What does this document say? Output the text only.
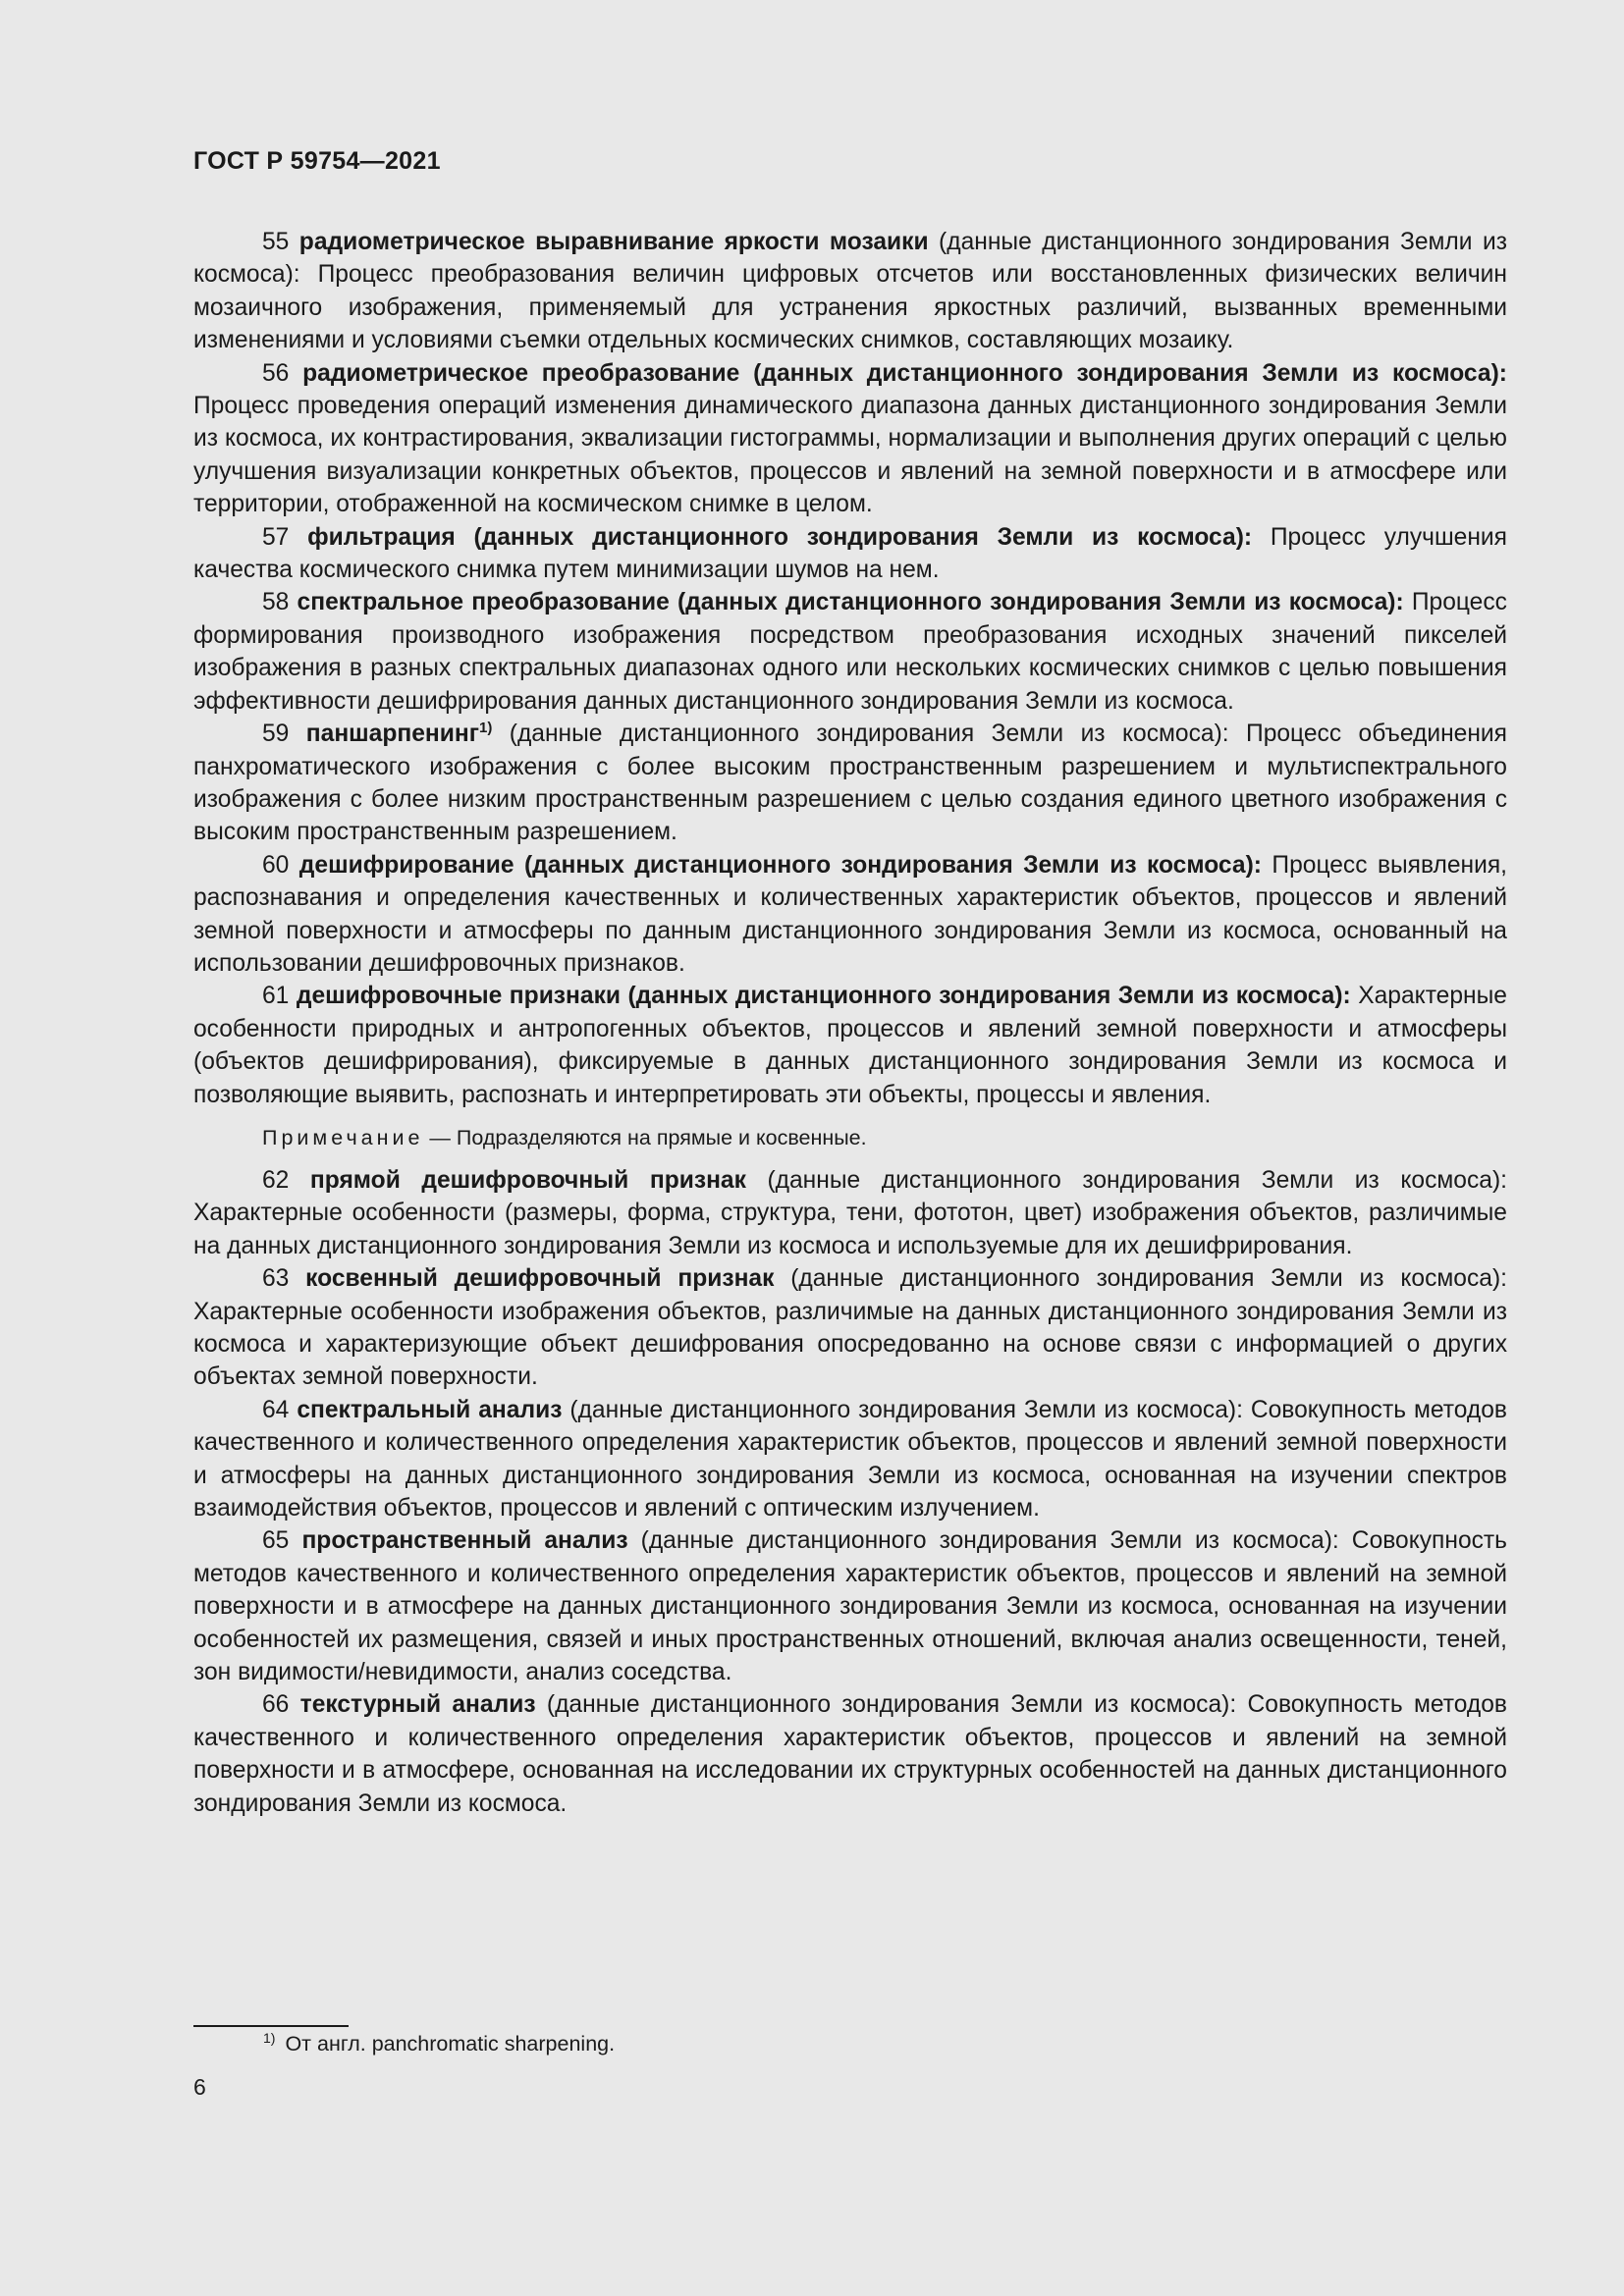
ГОСТ Р 59754—2021

55 радиометрическое выравнивание яркости мозаики (данные дистанционного зондирования Земли из космоса): Процесс преобразования величин цифровых отсчетов или восстановленных физических величин мозаичного изображения, применяемый для устранения яркостных различий, вызванных временными изменениями и условиями съемки отдельных космических снимков, составляющих мозаику.

56 радиометрическое преобразование (данных дистанционного зондирования Земли из космоса): Процесс проведения операций изменения динамического диапазона данных дистанционного зондирования Земли из космоса, их контрастирования, эквализации гистограммы, нормализации и выполнения других операций с целью улучшения визуализации конкретных объектов, процессов и явлений на земной поверхности и в атмосфере или территории, отображенной на космическом снимке в целом.

57 фильтрация (данных дистанционного зондирования Земли из космоса): Процесс улучшения качества космического снимка путем минимизации шумов на нем.

58 спектральное преобразование (данных дистанционного зондирования Земли из космоса): Процесс формирования производного изображения посредством преобразования исходных значений пикселей изображения в разных спектральных диапазонах одного или нескольких космических снимков с целью повышения эффективности дешифрирования данных дистанционного зондирования Земли из космоса.

59 паншарпенинг$^{1)}$ (данные дистанционного зондирования Земли из космоса): Процесс объединения панхроматического изображения с более высоким пространственным разрешением и мультиспектрального изображения с более низким пространственным разрешением с целью создания единого цветного изображения с высоким пространственным разрешением.

60 дешифрирование (данных дистанционного зондирования Земли из космоса): Процесс выявления, распознавания и определения качественных и количественных характеристик объектов, процессов и явлений земной поверхности и атмосферы по данным дистанционного зондирования Земли из космоса, основанный на использовании дешифровочных признаков.

61 дешифровочные признаки (данных дистанционного зондирования Земли из космоса): Характерные особенности природных и антропогенных объектов, процессов и явлений земной поверхности и атмосферы (объектов дешифрирования), фиксируемые в данных дистанционного зондирования Земли из космоса и позволяющие выявить, распознать и интерпретировать эти объекты, процессы и явления.

Примечание — Подразделяются на прямые и косвенные.

62 прямой дешифровочный признак (данные дистанционного зондирования Земли из космоса): Характерные особенности (размеры, форма, структура, тени, фототон, цвет) изображения объектов, различимые на данных дистанционного зондирования Земли из космоса и используемые для их дешифрирования.

63 косвенный дешифровочный признак (данные дистанционного зондирования Земли из космоса): Характерные особенности изображения объектов, различимые на данных дистанционного зондирования Земли из космоса и характеризующие объект дешифрования опосредованно на основе связи с информацией о других объектах земной поверхности.

64 спектральный анализ (данные дистанционного зондирования Земли из космоса): Совокупность методов качественного и количественного определения характеристик объектов, процессов и явлений земной поверхности и атмосферы на данных дистанционного зондирования Земли из космоса, основанная на изучении спектров взаимодействия объектов, процессов и явлений с оптическим излучением.

65 пространственный анализ (данные дистанционного зондирования Земли из космоса): Совокупность методов качественного и количественного определения характеристик объектов, процессов и явлений на земной поверхности и в атмосфере на данных дистанционного зондирования Земли из космоса, основанная на изучении особенностей их размещения, связей и иных пространственных отношений, включая анализ освещенности, теней, зон видимости/невидимости, анализ соседства.

66 текстурный анализ (данные дистанционного зондирования Земли из космоса): Совокупность методов качественного и количественного определения характеристик объектов, процессов и явлений на земной поверхности и в атмосфере, основанная на исследовании их структурных особенностей на данных дистанционного зондирования Земли из космоса.

$^{1)}$ От англ. panchromatic sharpening.
6
